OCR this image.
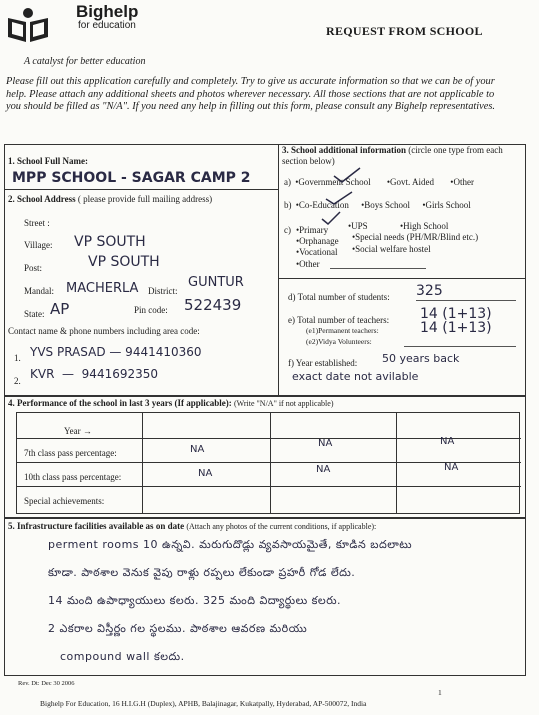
Bighelp
for education
A catalyst for better education
REQUEST FROM SCHOOL
Please fill out this application carefully and completely. Try to give us accurate information so that we can be of your help. Please attach any additional sheets and photos wherever necessary. All those sections that are not applicable to you should be filled as "N/A". If you need any help in filling out this form, please consult any Bighelp representatives.
1. School Full Name:
MPP SCHOOL - SAGAR CAMP 2
2. School Address ( please provide full mailing address)
Street :
Village:
VP SOUTH
Post:
VP SOUTH
Mandal:
MACHERLA	District:
GUNTUR
State:
AP	Pin code:
522439
Contact name & phone numbers including area code:
1.
YVS PRASAD — 9441410360
2.
KVR — 9441692350
3. School additional information (circle one type from each section below)
a) •Government School •Govt. Aided •Other
b) •Co-Education •Boys School •Girls School
c) •Primary •UPS	•High School
•Orphanage •Special needs (PH/MR/Blind etc.)
•Vocational •Social welfare hostel
•Other
d) Total number of students:
325
e) Total number of teachers:
14 (1+13)
(e1)Permanent teachers:
14 (1+13)
(e2)Vidya Volunteers:
f) Year established:
50 years back
exact date not avilable
4. Performance of the school in last 3 years (If applicable): (Write "N/A" if not applicable)
Year →
7th class pass percentage:
NA
NA
NA
10th class pass percentage:
NA
NA
NA
Special achievements:
5. Infrastructure facilities available as on date (Attach any photos of the current conditions, if applicable):
perment rooms 10 ఉన్నవి. మరుగుదొడ్లు వ్యవసాయమైతే, కూడిన బదలాటు
కూడా. పాఠశాల వెనుక వైపు రాళ్లు రప్పలు లేకుండా ప్రహరీ గోడ లేదు.
14 మంది ఉపాధ్యాయులు కలరు. 325 మంది విద్యార్థులు కలరు.
2 ఎకరాల విస్తీర్ణం గల స్థలము. పాఠశాల ఆవరణ మరియు
compound wall కలదు.
Rev. Dt: Dec 30 2006
Bighelp For Education, 16 H.I.G.H (Duplex), APHB, Balajinagar, Kukatpally, Hyderabad, AP-500072, India
1
